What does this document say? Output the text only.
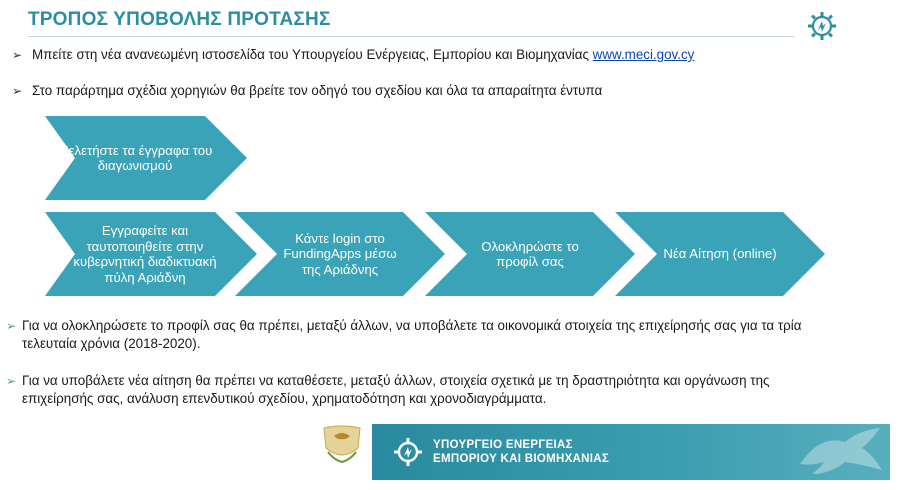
ΤΡΟΠΟΣ ΥΠΟΒΟΛΗΣ ΠΡΟΤΑΣΗΣ
➢ Μπείτε στη νέα ανανεωμένη ιστοσελίδα του Υπουργείου Ενέργειας, Εμπορίου και Βιομηχανίας www.meci.gov.cy
➢ Στο παράρτημα σχέδια χορηγιών θα βρείτε τον οδηγό του σχεδίου και όλα τα απαραίτητα έντυπα
Μελετήστε τα έγγραφα του διαγωνισμού
Εγγραφείτε και ταυτοποιηθείτε στην κυβερνητική διαδικτυακή πύλη Αριάδνη
Κάντε login στο FundingApps μέσω της Αριάδνης
Ολοκληρώστε το προφίλ σας
Νέα Αίτηση (online)
➢ Για να ολοκληρώσετε το προφίλ σας θα πρέπει, μεταξύ άλλων, να υποβάλετε τα οικονομικά στοιχεία της επιχείρησής σας για τα τρία τελευταία χρόνια (2018-2020).
➢ Για να υποβάλετε νέα αίτηση θα πρέπει να καταθέσετε, μεταξύ άλλων, στοιχεία σχετικά με τη δραστηριότητα και οργάνωση της επιχείρησής σας, ανάλυση επενδυτικού σχεδίου, χρηματοδότηση και χρονοδιαγράμματα.
ΥΠΟΥΡΓΕΙΟ ΕΝΕΡΓΕΙΑΣ
ΕΜΠΟΡΙΟΥ ΚΑΙ ΒΙΟΜΗΧΑΝΙΑΣ
